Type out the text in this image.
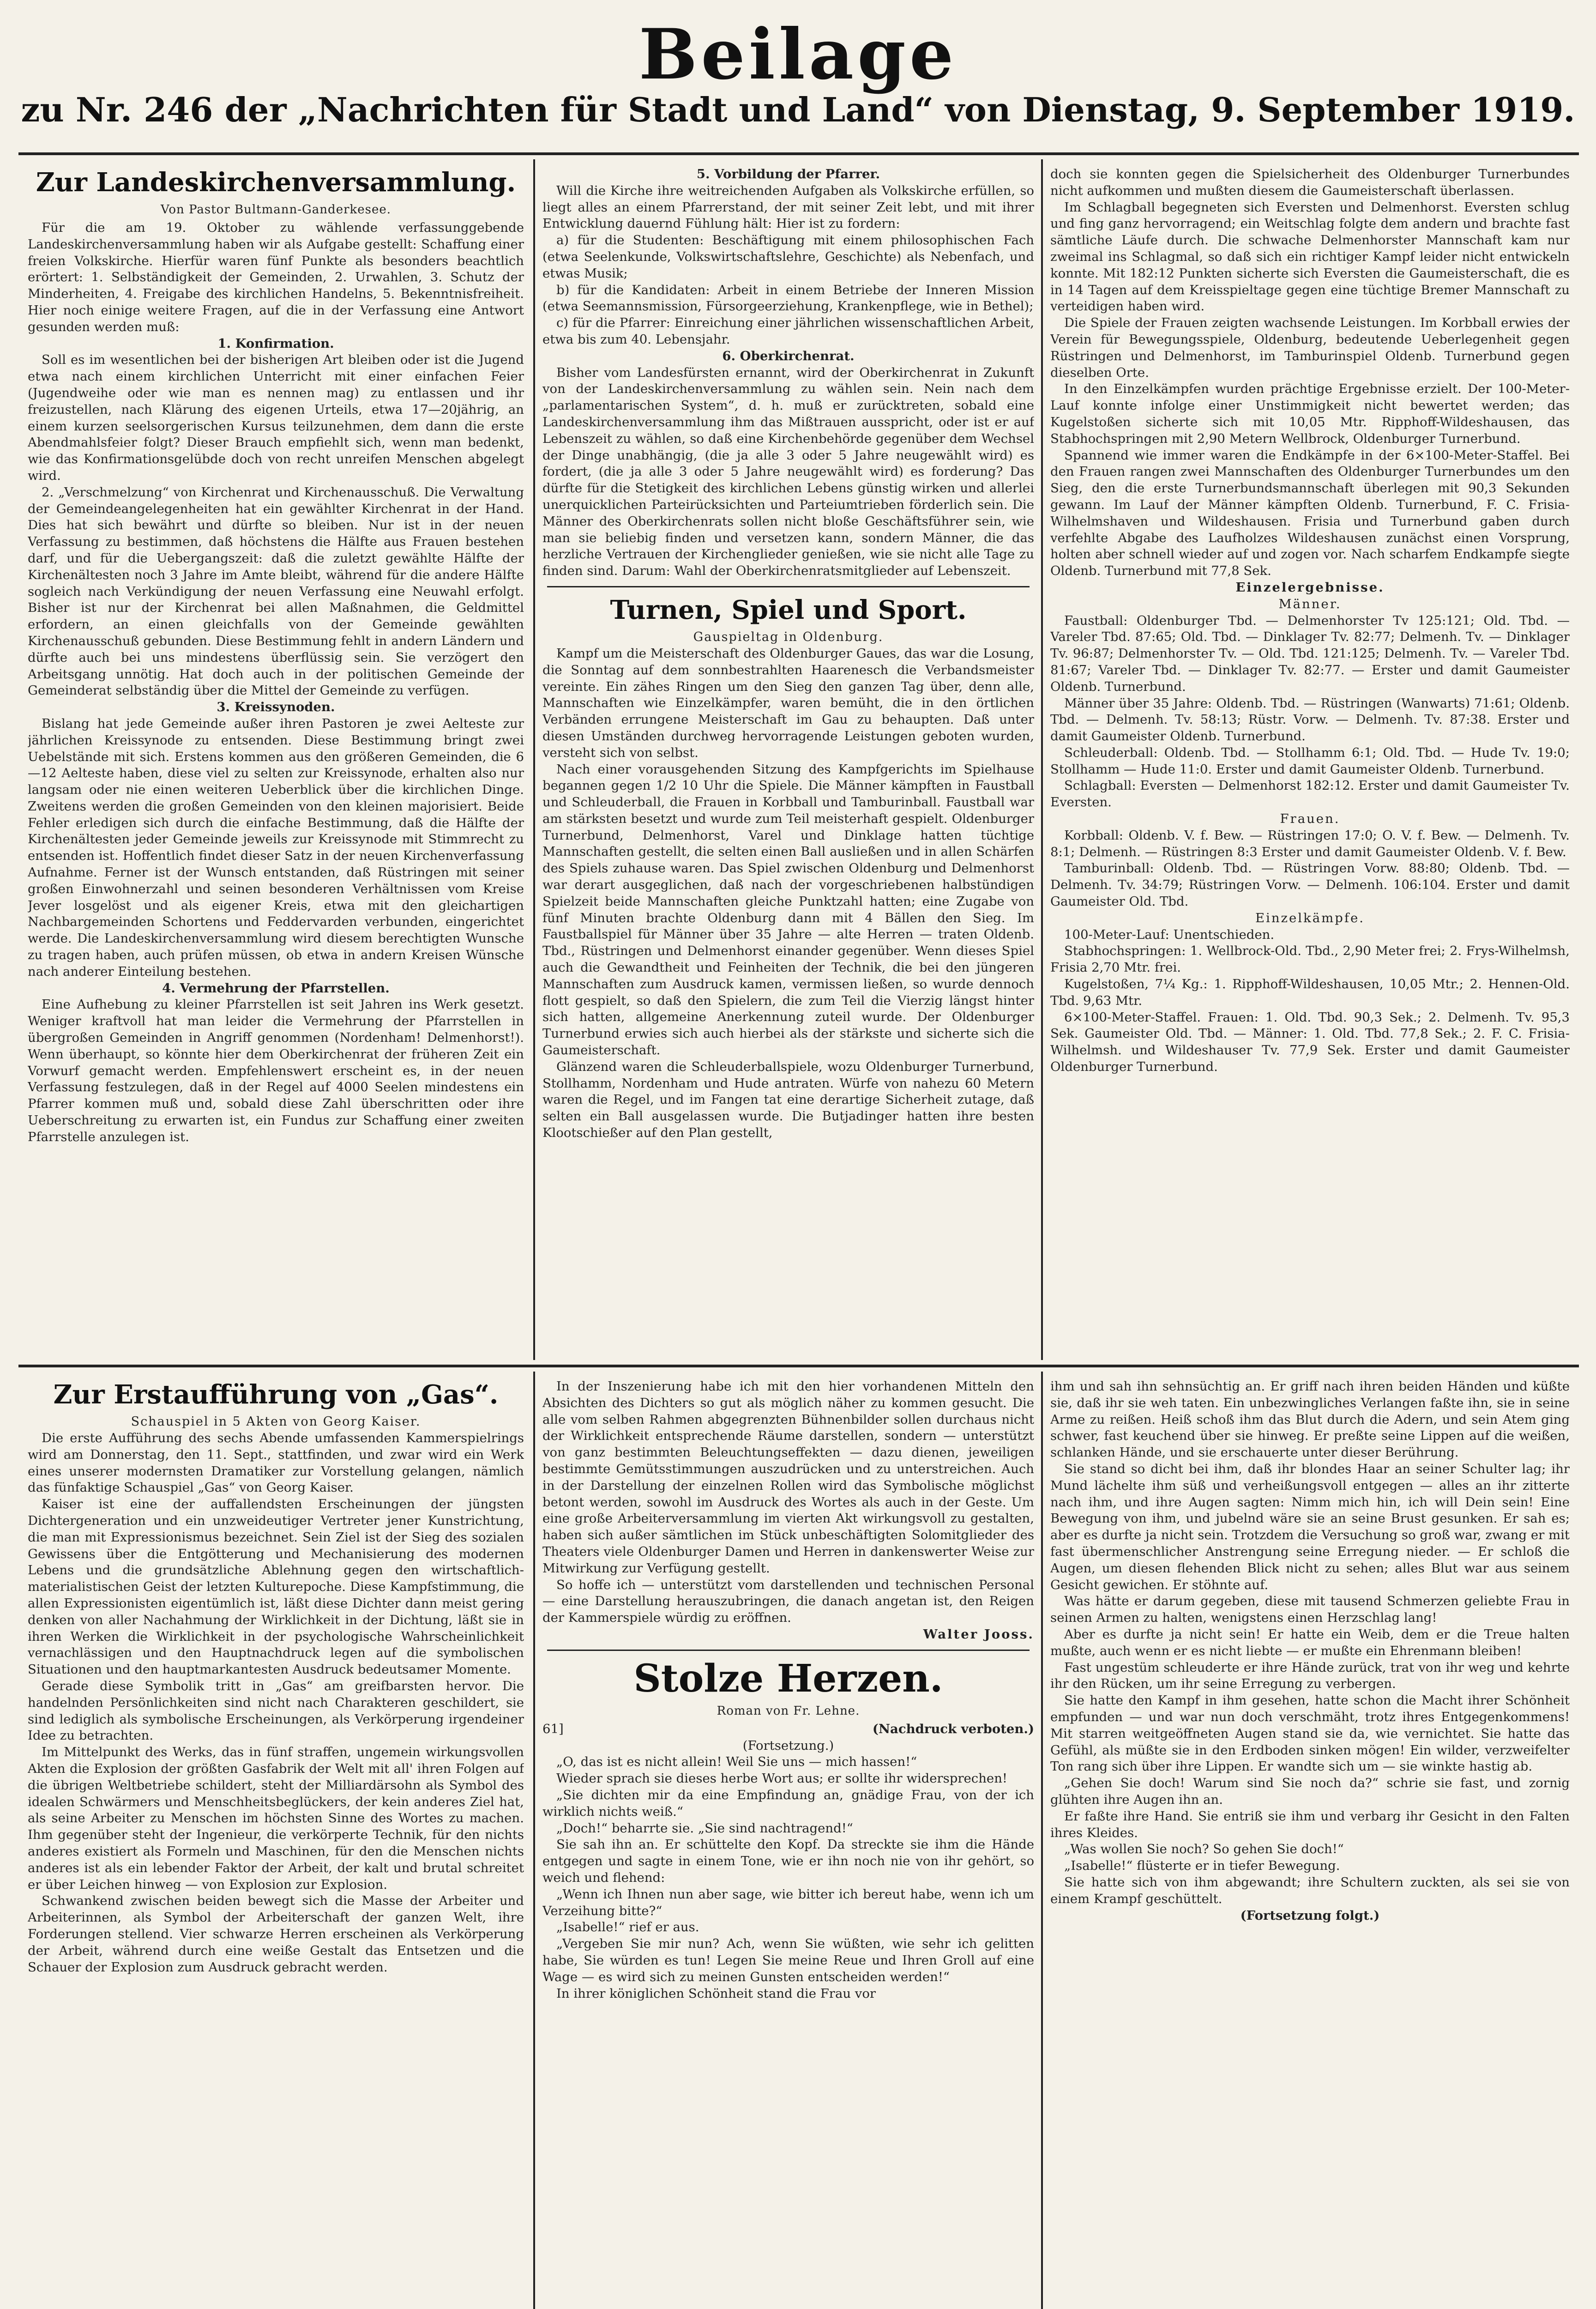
Beilage
zu Nr. 246 der „Nachrichten für Stadt und Land“ von Dienstag, 9. September 1919.
Zur Landeskirchenversammlung.
Von Pastor Bultmann-Ganderkesee.

Für die am 19. Oktober zu wählende verfassunggebende Landeskirchenversammlung haben wir als Aufgabe gestellt: Schaffung einer freien Volkskirche. Hierfür waren fünf Punkte als besonders beachtlich erörtert: 1. Selbständigkeit der Gemeinden, 2. Urwahlen, 3. Schutz der Minderheiten, 4. Freigabe des kirchlichen Handelns, 5. Bekenntnisfreiheit. Hier noch einige weitere Fragen, auf die in der Verfassung eine Antwort gesunden werden muß:

1. Konfirmation.

Soll es im wesentlichen bei der bisherigen Art bleiben oder ist die Jugend etwa nach einem kirchlichen Unterricht mit einer einfachen Feier (Jugendweihe oder wie man es nennen mag) zu entlassen und ihr freizustellen, nach Klärung des eigenen Urteils, etwa 17—20jährig, an einem kurzen seelsorgerischen Kursus teilzunehmen, dem dann die erste Abendmahlsfeier folgt? Dieser Brauch empfiehlt sich, wenn man bedenkt, wie das Konfirmationsgelübde doch von recht unreifen Menschen abgelegt wird.

2. „Verschmelzung“ von Kirchenrat und Kirchenausschuß. Die Verwaltung der Gemeindeangelegenheiten hat ein gewählter Kirchenrat in der Hand. Dies hat sich bewährt und dürfte so bleiben. Nur ist in der neuen Verfassung zu bestimmen, daß höchstens die Hälfte aus Frauen bestehen darf, und für die Uebergangszeit: daß die zuletzt gewählte Hälfte der Kirchenältesten noch 3 Jahre im Amte bleibt, während für die andere Hälfte sogleich nach Verkündigung der neuen Verfassung eine Neuwahl erfolgt. Bisher ist nur der Kirchenrat bei allen Maßnahmen, die Geldmittel erfordern, an einen gleichfalls von der Gemeinde gewählten Kirchenausschuß gebunden. Diese Bestimmung fehlt in andern Ländern und dürfte auch bei uns mindestens überflüssig sein. Sie verzögert den Arbeitsgang unnötig. Hat doch auch in der politischen Gemeinde der Gemeinderat selbständig über die Mittel der Gemeinde zu verfügen.

3. Kreissynoden.

Bislang hat jede Gemeinde außer ihren Pastoren je zwei Aelteste zur jährlichen Kreissynode zu entsenden. Diese Bestimmung bringt zwei Uebelstände mit sich. Erstens kommen aus den größeren Gemeinden, die 6—12 Aelteste haben, diese viel zu selten zur Kreissynode, erhalten also nur langsam oder nie einen weiteren Ueberblick über die kirchlichen Dinge. Zweitens werden die großen Gemeinden von den kleinen majorisiert. Beide Fehler erledigen sich durch die einfache Bestimmung, daß die Hälfte der Kirchenältesten jeder Gemeinde jeweils zur Kreissynode mit Stimmrecht zu entsenden ist. Hoffentlich findet dieser Satz in der neuen Kirchenverfassung Aufnahme. Ferner ist der Wunsch entstanden, daß Rüstringen mit seiner großen Einwohnerzahl und seinen besonderen Verhältnissen vom Kreise Jever losgelöst und als eigener Kreis, etwa mit den gleichartigen Nachbargemeinden Schortens und Feddervarden verbunden, eingerichtet werde. Die Landeskirchenversammlung wird diesem berechtigten Wunsche zu tragen haben, auch prüfen müssen, ob etwa in andern Kreisen Wünsche nach anderer Einteilung bestehen.

4. Vermehrung der Pfarrstellen.

Eine Aufhebung zu kleiner Pfarrstellen ist seit Jahren ins Werk gesetzt. Weniger kraftvoll hat man leider die Vermehrung der Pfarrstellen in übergroßen Gemeinden in Angriff genommen (Nordenham! Delmenhorst!). Wenn überhaupt, so könnte hier dem Oberkirchenrat der früheren Zeit ein Vorwurf gemacht werden. Empfehlenswert erscheint es, in der neuen Verfassung festzulegen, daß in der Regel auf 4000 Seelen mindestens ein Pfarrer kommen muß und, sobald diese Zahl überschritten oder ihre Ueberschreitung zu erwarten ist, ein Fundus zur Schaffung einer zweiten Pfarrstelle anzulegen ist.

5. Vorbildung der Pfarrer.

Will die Kirche ihre weitreichenden Aufgaben als Volkskirche erfüllen, so liegt alles an einem Pfarrerstand, der mit seiner Zeit lebt, und mit ihrer Entwicklung dauernd Fühlung hält: Hier ist zu fordern:

a) für die Studenten: Beschäftigung mit einem philosophischen Fach (etwa Seelenkunde, Volkswirtschaftslehre, Geschichte) als Nebenfach, und etwas Musik;

b) für die Kandidaten: Arbeit in einem Betriebe der Inneren Mission (etwa Seemannsmission, Fürsorgeerziehung, Krankenpflege, wie in Bethel);

c) für die Pfarrer: Einreichung einer jährlichen wissenschaftlichen Arbeit, etwa bis zum 40. Lebensjahr.

6. Oberkirchenrat.

Bisher vom Landesfürsten ernannt, wird der Oberkirchenrat in Zukunft von der Landeskirchenversammlung zu wählen sein. Nein nach dem „parlamentarischen System“, d. h. muß er zurücktreten, sobald eine Landeskirchenversammlung ihm das Mißtrauen ausspricht, oder ist er auf Lebenszeit zu wählen, so daß eine Kirchenbehörde gegenüber dem Wechsel der Dinge unabhängig, (die ja alle 3 oder 5 Jahre neugewählt wird) es fordert, (die ja alle 3 oder 5 Jahre neugewählt wird) es forderung? Das dürfte für die Stetigkeit des kirchlichen Lebens günstig wirken und allerlei unerquicklichen Parteirücksichten und Parteiumtrieben förderlich sein. Die Männer des Oberkirchenrats sollen nicht bloße Geschäftsführer sein, wie man sie beliebig finden und versetzen kann, sondern Männer, die das herzliche Vertrauen der Kirchenglieder genießen, wie sie nicht alle Tage zu finden sind. Darum: Wahl der Oberkirchenratsmitglieder auf Lebenszeit.

Turnen, Spiel und Sport.
Gauspieltag in Oldenburg.

Kampf um die Meisterschaft des Oldenburger Gaues, das war die Losung, die Sonntag auf dem sonnbestrahlten Haarenesch die Verbandsmeister vereinte. Ein zähes Ringen um den Sieg den ganzen Tag über, denn alle, Mannschaften wie Einzelkämpfer, waren bemüht, die in den örtlichen Verbänden errungene Meisterschaft im Gau zu behaupten. Daß unter diesen Umständen durchweg hervorragende Leistungen geboten wurden, versteht sich von selbst.

Nach einer vorausgehenden Sitzung des Kampfgerichts im Spielhause begannen gegen 1/2 10 Uhr die Spiele. Die Männer kämpften in Faustball und Schleuderball, die Frauen in Korbball und Tamburinball. Faustball war am stärksten besetzt und wurde zum Teil meisterhaft gespielt. Oldenburger Turnerbund, Delmenhorst, Varel und Dinklage hatten tüchtige Mannschaften gestellt, die selten einen Ball ausließen und in allen Schärfen des Spiels zuhause waren. Das Spiel zwischen Oldenburg und Delmenhorst war derart ausgeglichen, daß nach der vorgeschriebenen halbstündigen Spielzeit beide Mannschaften gleiche Punktzahl hatten; eine Zugabe von fünf Minuten brachte Oldenburg dann mit 4 Bällen den Sieg. Im Faustballspiel für Männer über 35 Jahre — alte Herren — traten Oldenb. Tbd., Rüstringen und Delmenhorst einander gegenüber. Wenn dieses Spiel auch die Gewandtheit und Feinheiten der Technik, die bei den jüngeren Mannschaften zum Ausdruck kamen, vermissen ließen, so wurde dennoch flott gespielt, so daß den Spielern, die zum Teil die Vierzig längst hinter sich hatten, allgemeine Anerkennung zuteil wurde. Der Oldenburger Turnerbund erwies sich auch hierbei als der stärkste und sicherte sich die Gaumeisterschaft.

Glänzend waren die Schleuderballspiele, wozu Oldenburger Turnerbund, Stollhamm, Nordenham und Hude antraten. Würfe von nahezu 60 Metern waren die Regel, und im Fangen tat eine derartige Sicherheit zutage, daß selten ein Ball ausgelassen wurde. Die Butjadinger hatten ihre besten Klootschießer auf den Plan gestellt,

doch sie konnten gegen die Spielsicherheit des Oldenburger Turnerbundes nicht aufkommen und mußten diesem die Gaumeisterschaft überlassen.

Im Schlagball begegneten sich Eversten und Delmenhorst. Eversten schlug und fing ganz hervorragend; ein Weitschlag folgte dem andern und brachte fast sämtliche Läufe durch. Die schwache Delmenhorster Mannschaft kam nur zweimal ins Schlagmal, so daß sich ein richtiger Kampf leider nicht entwickeln konnte. Mit 182:12 Punkten sicherte sich Eversten die Gaumeisterschaft, die es in 14 Tagen auf dem Kreisspieltage gegen eine tüchtige Bremer Mannschaft zu verteidigen haben wird.

Die Spiele der Frauen zeigten wachsende Leistungen. Im Korbball erwies der Verein für Bewegungsspiele, Oldenburg, bedeutende Ueberlegenheit gegen Rüstringen und Delmenhorst, im Tamburinspiel Oldenb. Turnerbund gegen dieselben Orte.

In den Einzelkämpfen wurden prächtige Ergebnisse erzielt. Der 100-Meter-Lauf konnte infolge einer Unstimmigkeit nicht bewertet werden; das Kugelstoßen sicherte sich mit 10,05 Mtr. Ripphoff-Wildeshausen, das Stabhochspringen mit 2,90 Metern Wellbrock, Oldenburger Turnerbund.

Spannend wie immer waren die Endkämpfe in der 6×100-Meter-Staffel. Bei den Frauen rangen zwei Mannschaften des Oldenburger Turnerbundes um den Sieg, den die erste Turnerbundsmannschaft überlegen mit 90,3 Sekunden gewann. Im Lauf der Männer kämpften Oldenb. Turnerbund, F. C. Frisia-Wilhelmshaven und Wildeshausen. Frisia und Turnerbund gaben durch verfehlte Abgabe des Laufholzes Wildeshausen zunächst einen Vorsprung, holten aber schnell wieder auf und zogen vor. Nach scharfem Endkampfe siegte Oldenb. Turnerbund mit 77,8 Sek.

Einzelergebnisse.
Männer.

Faustball: Oldenburger Tbd. — Delmenhorster Tv 125:121; Old. Tbd. — Vareler Tbd. 87:65; Old. Tbd. — Dinklager Tv. 82:77; Delmenh. Tv. — Dinklager Tv. 96:87; Delmenhorster Tv. — Old. Tbd. 121:125; Delmenh. Tv. — Vareler Tbd. 81:67; Vareler Tbd. — Dinklager Tv. 82:77. — Erster und damit Gaumeister Oldenb. Turnerbund.

Männer über 35 Jahre: Oldenb. Tbd. — Rüstringen (Wanwarts) 71:61; Oldenb. Tbd. — Delmenh. Tv. 58:13; Rüstr. Vorw. — Delmenh. Tv. 87:38. Erster und damit Gaumeister Oldenb. Turnerbund.

Schleuderball: Oldenb. Tbd. — Stollhamm 6:1; Old. Tbd. — Hude Tv. 19:0; Stollhamm — Hude 11:0. Erster und damit Gaumeister Oldenb. Turnerbund.

Schlagball: Eversten — Delmenhorst 182:12. Erster und damit Gaumeister Tv. Eversten.

Frauen.

Korbball: Oldenb. V. f. Bew. — Rüstringen 17:0; O. V. f. Bew. — Delmenh. Tv. 8:1; Delmenh. — Rüstringen 8:3 Erster und damit Gaumeister Oldenb. V. f. Bew.

Tamburinball: Oldenb. Tbd. — Rüstringen Vorw. 88:80; Oldenb. Tbd. — Delmenh. Tv. 34:79; Rüstringen Vorw. — Delmenh. 106:104. Erster und damit Gaumeister Old. Tbd.

Einzelkämpfe.

100-Meter-Lauf: Unentschieden.

Stabhochspringen: 1. Wellbrock-Old. Tbd., 2,90 Meter frei; 2. Frys-Wilhelmsh, Frisia 2,70 Mtr. frei.

Kugelstoßen, 7¼ Kg.: 1. Ripphoff-Wildeshausen, 10,05 Mtr.; 2. Hennen-Old. Tbd. 9,63 Mtr.

6×100-Meter-Staffel. Frauen: 1. Old. Tbd. 90,3 Sek.; 2. Delmenh. Tv. 95,3 Sek. Gaumeister Old. Tbd. — Männer: 1. Old. Tbd. 77,8 Sek.; 2. F. C. Frisia-Wilhelmsh. und Wildeshauser Tv. 77,9 Sek. Erster und damit Gaumeister Oldenburger Turnerbund.

Zur Erstaufführung von „Gas“.
Schauspiel in 5 Akten von Georg Kaiser.

Die erste Aufführung des sechs Abende umfassenden Kammerspielrings wird am Donnerstag, den 11. Sept., stattfinden, und zwar wird ein Werk eines unserer modernsten Dramatiker zur Vorstellung gelangen, nämlich das fünfaktige Schauspiel „Gas“ von Georg Kaiser.

Kaiser ist eine der auffallendsten Erscheinungen der jüngsten Dichtergeneration und ein unzweideutiger Vertreter jener Kunstrichtung, die man mit Expressionismus bezeichnet. Sein Ziel ist der Sieg des sozialen Gewissens über die Entgötterung und Mechanisierung des modernen Lebens und die grundsätzliche Ablehnung gegen den wirtschaftlich-materialistischen Geist der letzten Kulturepoche. Diese Kampfstimmung, die allen Expressionisten eigentümlich ist, läßt diese Dichter dann meist gering denken von aller Nachahmung der Wirklichkeit in der Dichtung, läßt sie in ihren Werken die Wirklichkeit in der psychologische Wahrscheinlichkeit vernachlässigen und den Hauptnachdruck legen auf die symbolischen Situationen und den hauptmarkantesten Ausdruck bedeutsamer Momente.

Gerade diese Symbolik tritt in „Gas“ am greifbarsten hervor. Die handelnden Persönlichkeiten sind nicht nach Charakteren geschildert, sie sind lediglich als symbolische Erscheinungen, als Verkörperung irgendeiner Idee zu betrachten.

Im Mittelpunkt des Werks, das in fünf straffen, ungemein wirkungsvollen Akten die Explosion der größten Gasfabrik der Welt mit all' ihren Folgen auf die übrigen Weltbetriebe schildert, steht der Milliardärsohn als Symbol des idealen Schwärmers und Menschheitsbeglückers, der kein anderes Ziel hat, als seine Arbeiter zu Menschen im höchsten Sinne des Wortes zu machen. Ihm gegenüber steht der Ingenieur, die verkörperte Technik, für den nichts anderes existiert als Formeln und Maschinen, für den die Menschen nichts anderes ist als ein lebender Faktor der Arbeit, der kalt und brutal schreitet er über Leichen hinweg — von Explosion zur Explosion.

Schwankend zwischen beiden bewegt sich die Masse der Arbeiter und Arbeiterinnen, als Symbol der Arbeiterschaft der ganzen Welt, ihre Forderungen stellend. Vier schwarze Herren erscheinen als Verkörperung der Arbeit, während durch eine weiße Gestalt das Entsetzen und die Schauer der Explosion zum Ausdruck gebracht werden.

In der Inszenierung habe ich mit den hier vorhandenen Mitteln den Absichten des Dichters so gut als möglich näher zu kommen gesucht. Die alle vom selben Rahmen abgegrenzten Bühnenbilder sollen durchaus nicht der Wirklichkeit entsprechende Räume darstellen, sondern — unterstützt von ganz bestimmten Beleuchtungseffekten — dazu dienen, jeweiligen bestimmte Gemütsstimmungen auszudrücken und zu unterstreichen. Auch in der Darstellung der einzelnen Rollen wird das Symbolische möglichst betont werden, sowohl im Ausdruck des Wortes als auch in der Geste. Um eine große Arbeiterversammlung im vierten Akt wirkungsvoll zu gestalten, haben sich außer sämtlichen im Stück unbeschäftigten Solomitglieder des Theaters viele Oldenburger Damen und Herren in dankenswerter Weise zur Mitwirkung zur Verfügung gestellt.

So hoffe ich — unterstützt vom darstellenden und technischen Personal — eine Darstellung herauszubringen, die danach angetan ist, den Reigen der Kammerspiele würdig zu eröffnen.

Walter Jooss.
Stolze Herzen.
Roman von Fr. Lehne.
61]	(Nachdruck verboten.)
(Fortsetzung.)

„O, das ist es nicht allein! Weil Sie uns — mich hassen!“

Wieder sprach sie dieses herbe Wort aus; er sollte ihr widersprechen!

„Sie dichten mir da eine Empfindung an, gnädige Frau, von der ich wirklich nichts weiß.“

„Doch!“ beharrte sie. „Sie sind nachtragend!“

Sie sah ihn an. Er schüttelte den Kopf. Da streckte sie ihm die Hände entgegen und sagte in einem Tone, wie er ihn noch nie von ihr gehört, so weich und flehend:

„Wenn ich Ihnen nun aber sage, wie bitter ich bereut habe, wenn ich um Verzeihung bitte?“

„Isabelle!“ rief er aus.

„Vergeben Sie mir nun? Ach, wenn Sie wüßten, wie sehr ich gelitten habe, Sie würden es tun! Legen Sie meine Reue und Ihren Groll auf eine Wage — es wird sich zu meinen Gunsten entscheiden werden!“

In ihrer königlichen Schönheit stand die Frau vor

ihm und sah ihn sehnsüchtig an. Er griff nach ihren beiden Händen und küßte sie, daß ihr sie weh taten. Ein unbezwingliches Verlangen faßte ihn, sie in seine Arme zu reißen. Heiß schoß ihm das Blut durch die Adern, und sein Atem ging schwer, fast keuchend über sie hinweg. Er preßte seine Lippen auf die weißen, schlanken Hände, und sie erschauerte unter dieser Berührung.

Sie stand so dicht bei ihm, daß ihr blondes Haar an seiner Schulter lag; ihr Mund lächelte ihm süß und verheißungsvoll entgegen — alles an ihr zitterte nach ihm, und ihre Augen sagten: Nimm mich hin, ich will Dein sein! Eine Bewegung von ihm, und jubelnd wäre sie an seine Brust gesunken. Er sah es; aber es durfte ja nicht sein. Trotzdem die Versuchung so groß war, zwang er mit fast übermenschlicher Anstrengung seine Erregung nieder. — Er schloß die Augen, um diesen flehenden Blick nicht zu sehen; alles Blut war aus seinem Gesicht gewichen. Er stöhnte auf.

Was hätte er darum gegeben, diese mit tausend Schmerzen geliebte Frau in seinen Armen zu halten, wenigstens einen Herzschlag lang!

Aber es durfte ja nicht sein! Er hatte ein Weib, dem er die Treue halten mußte, auch wenn er es nicht liebte — er mußte ein Ehrenmann bleiben!

Fast ungestüm schleuderte er ihre Hände zurück, trat von ihr weg und kehrte ihr den Rücken, um ihr seine Erregung zu verbergen.

Sie hatte den Kampf in ihm gesehen, hatte schon die Macht ihrer Schönheit empfunden — und war nun doch verschmäht, trotz ihres Entgegenkommens! Mit starren weitgeöffneten Augen stand sie da, wie vernichtet. Sie hatte das Gefühl, als müßte sie in den Erdboden sinken mögen! Ein wilder, verzweifelter Ton rang sich über ihre Lippen. Er wandte sich um — sie winkte hastig ab.

„Gehen Sie doch! Warum sind Sie noch da?“ schrie sie fast, und zornig glühten ihre Augen ihn an.

Er faßte ihre Hand. Sie entriß sie ihm und verbarg ihr Gesicht in den Falten ihres Kleides.

„Was wollen Sie noch? So gehen Sie doch!“

„Isabelle!“ flüsterte er in tiefer Bewegung.

Sie hatte sich von ihm abgewandt; ihre Schultern zuckten, als sei sie von einem Krampf geschüttelt.

(Fortsetzung folgt.)
